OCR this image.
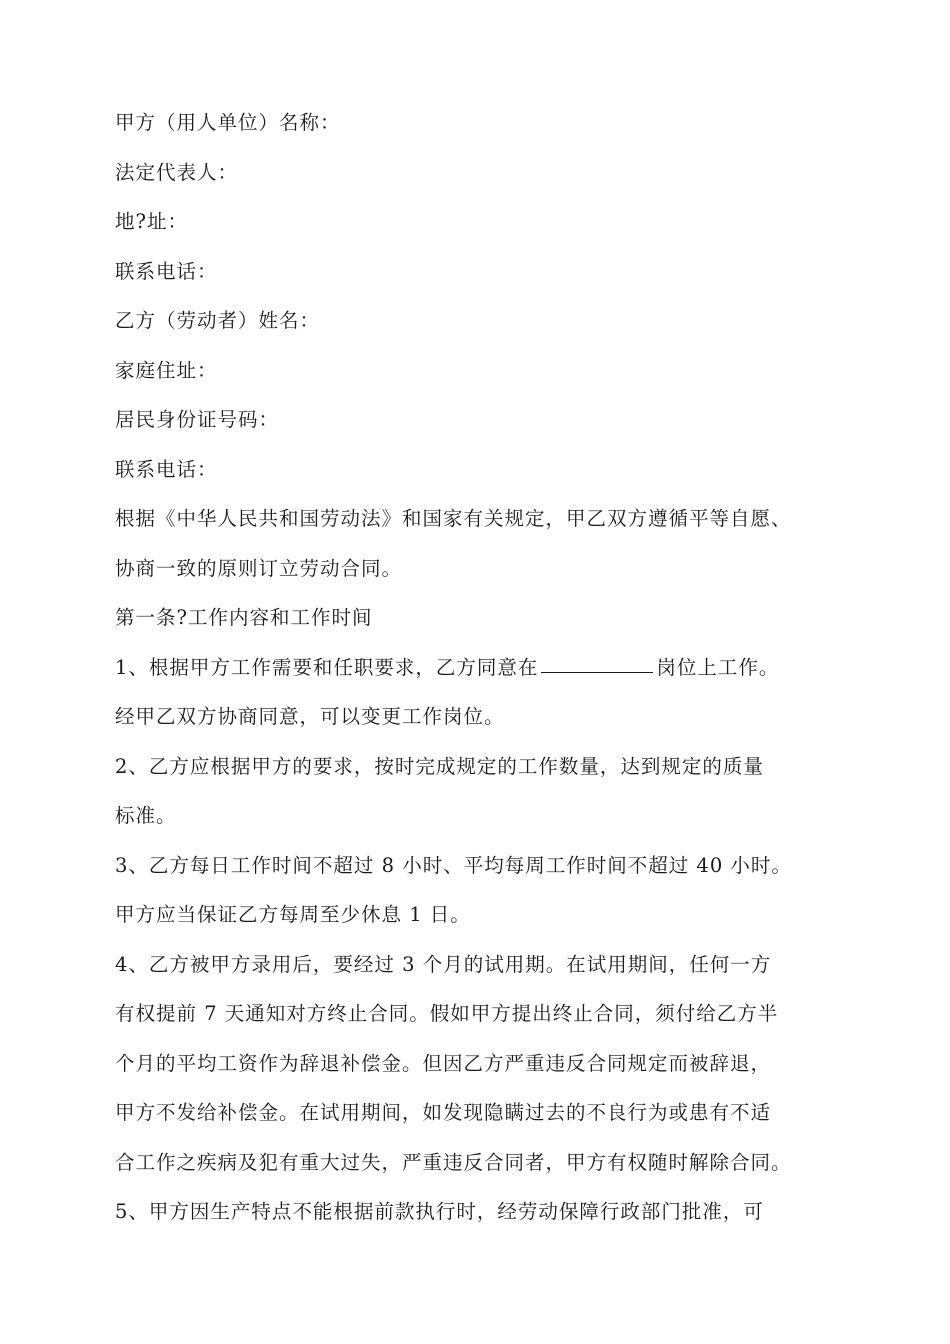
甲方（用人单位）名称：
法定代表人：
地?址：
联系电话：
乙方（劳动者）姓名：
家庭住址：
居民身份证号码：
联系电话：
根据《中华人民共和国劳动法》和国家有关规定，甲乙双方遵循平等自愿、
协商一致的原则订立劳动合同。
第一条?工作内容和工作时间
1、根据甲方工作需要和任职要求，乙方同意在	岗位上工作。
经甲乙双方协商同意，可以变更工作岗位。
2、乙方应根据甲方的要求，按时完成规定的工作数量，达到规定的质量
标准。
3、乙方每日工作时间不超过 8 小时、平均每周工作时间不超过 40 小时。
甲方应当保证乙方每周至少休息 1 日。
4、乙方被甲方录用后，要经过 3 个月的试用期。在试用期间，任何一方
有权提前 7 天通知对方终止合同。假如甲方提出终止合同，须付给乙方半
个月的平均工资作为辞退补偿金。但因乙方严重违反合同规定而被辞退，
甲方不发给补偿金。在试用期间，如发现隐瞒过去的不良行为或患有不适
合工作之疾病及犯有重大过失，严重违反合同者，甲方有权随时解除合同。
5、甲方因生产特点不能根据前款执行时，经劳动保障行政部门批准，可
